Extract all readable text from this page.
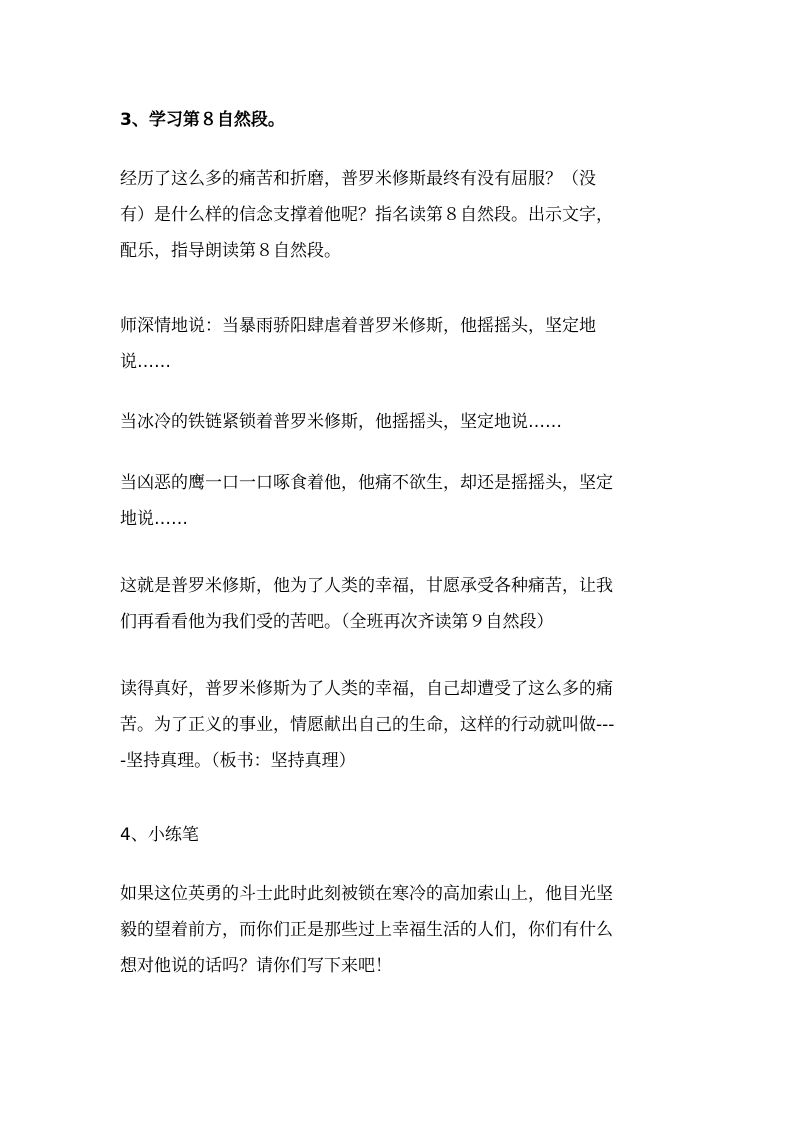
3、学习第８自然段。

经历了这么多的痛苦和折磨，普罗米修斯最终有没有屈服？（没
有）是什么样的信念支撑着他呢？指名读第８自然段。出示文字，
配乐，指导朗读第８自然段。

师深情地说：当暴雨骄阳肆虐着普罗米修斯，他摇摇头，坚定地
说……

当冰冷的铁链紧锁着普罗米修斯，他摇摇头，坚定地说……

当凶恶的鹰一口一口啄食着他，他痛不欲生，却还是摇摇头，坚定
地说……

这就是普罗米修斯，他为了人类的幸福，甘愿承受各种痛苦，让我
们再看看他为我们受的苦吧。（全班再次齐读第９自然段）

读得真好，普罗米修斯为了人类的幸福，自己却遭受了这么多的痛
苦。为了正义的事业，情愿献出自己的生命，这样的行动就叫做---
-坚持真理。（板书：坚持真理）

4、小练笔

如果这位英勇的斗士此时此刻被锁在寒冷的高加索山上，他目光坚
毅的望着前方，而你们正是那些过上幸福生活的人们，你们有什么
想对他说的话吗？请你们写下来吧！
